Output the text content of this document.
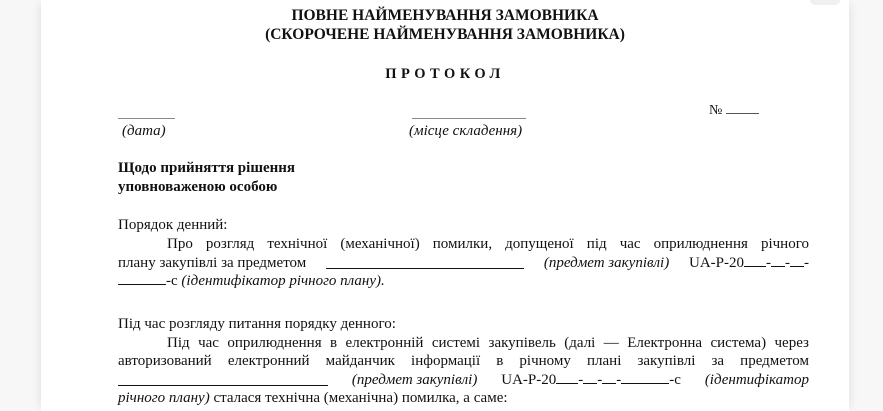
ПОВНЕ НАЙМЕНУВАННЯ ЗАМОВНИКА
(СКОРОЧЕНЕ НАЙМЕНУВАННЯ ЗАМОВНИКА)
ПРОТОКОЛ
(дата)	(місце складення)
№
Щодо прийняття рішення
уповноваженою особою
Порядок денний:
Про розгляд технічної (механічної) помилки, допущеної під час оприлюднення річного
плану закупівлі за предметом	(предмет закупівлі) UA-P-20 - - -
-с (ідентифікатор річного плану).
Під час розгляду питання порядку денного:
Під час оприлюднення в електронній системі закупівель (далі — Електронна система) через
авторизований електронний майданчик інформації в річному плані закупівлі за предметом
(предмет закупівлі) UA-P-20 - - -	-с (ідентифікатор
річного плану) сталася технічна (механічна) помилка, а саме:
